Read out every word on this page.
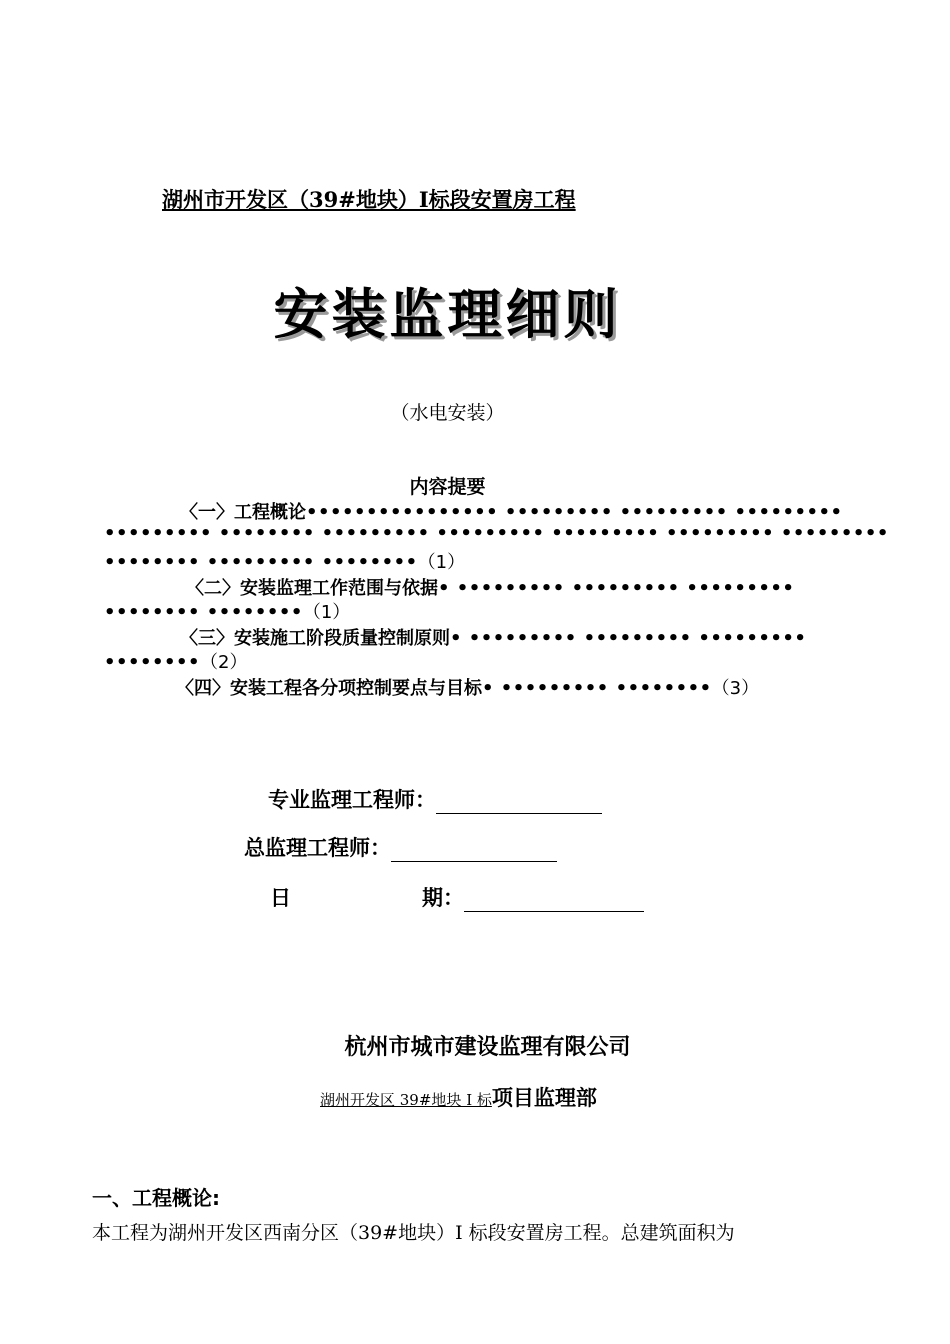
湖州市开发区（39#地块）I标段安置房工程
安装监理细则
（水电安装）
内容提要
〈一〉工程概论•••••••••••••••• ••••••••• ••••••••• •••••••••
••••••••• •••••••• ••••••••• ••••••••• ••••••••• ••••••••• •••••••••
•••••••• ••••••••• ••••••••（1）
〈二〉安装监理工作范围与依据• ••••••••• ••••••••• •••••••••
•••••••• ••••••••（1）
〈三〉安装施工阶段质量控制原则• ••••••••• ••••••••• •••••••••
••••••••（2）
〈四〉安装工程各分项控制要点与目标• ••••••••• ••••••••（3）
专业监理工程师：
总监理工程师：
日	期：
杭州市城市建设监理有限公司
湖州开发区 39#地块 I 标项目监理部
一、工程概论:
本工程为湖州开发区西南分区（39#地块）I 标段安置房工程。总建筑面积为
